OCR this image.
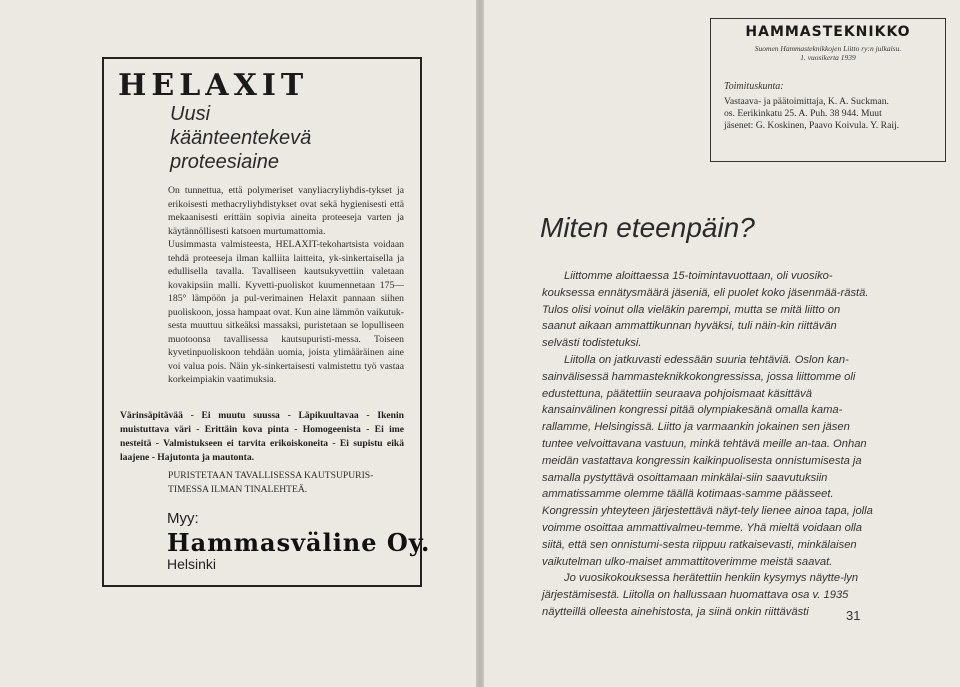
HELAXIT
Uusi
kääntеentekevä
proteesiaine

On tunnettua, että polymeriset vanyliacryliyhdis-tykset ja erikoisesti methacryliyhdistykset ovat sekä hygienisesti että mekaanisesti erittäin sopivia aineita proteeseja varten ja käytännöllisesti katsoen murtumattomia.

Uusimmasta valmisteesta, HELAXIT-tekohartsista voidaan tehdä proteeseja ilman kalliita laitteita, yk-sinkertaisella ja edullisella tavalla. Tavalliseen kautsukyvettiin valetaan kovakipsiin malli. Kyvetti-puoliskot kuumennetaan 175—185° lämpöön ja pul-verimainen Helaxit pannaan siihen puoliskoon, jossa hampaat ovat. Kun aine lämmön vaikutuk-sesta muuttuu sitkeäksi massaksi, puristetaan se lopulliseen muotoonsa tavallisessa kautsupuristi-messa. Toiseen kyvetinpuoliskoon tehdään uomia, joista ylimääräinen aine voi valua pois. Näin yk-sinkertaisesti valmistettu työ vastaa korkeimpiakin vaatimuksia.

Värinsäpitävää - Ei muutu suussa - Läpikuultavaa - Ikenin muistuttava väri - Erittäin kova pinta - Homogeenista - Ei ime nesteitä - Valmistukseen ei tarvita erikoiskoneita - Ei supistu eikä laajene - Hajutonta ja mautonta.
PURISTETAAN TAVALLISESSA KAUTSUPURIS-TIMESSA ILMAN TINALEHTEÄ.
Myy:
Hammasväline Oy.
Helsinki
HAMMASTEKNIKKO
Suomen Hammasteknikkojen Liitto ry:n julkaisu.
1. vuosikerta 1939
Toimituskunta:
Vastaava- ja päätoimittaja, K. A. Suckman.
os. Eerikinkatu 25. A. Puh. 38 944. Muut
jäsenet: G. Koskinen, Paavo Koivula. Y. Raij.
Miten eteenpäin?

Liittomme aloittaessa 15-toimintavuottaan, oli vuosiko-kouksessa ennätysmäärä jäseniä, eli puolet koko jäsenmää-rästä. Tulos olisi voinut olla vieläkin parempi, mutta se mitä liitto on saanut aikaan ammattikunnan hyväksi, tuli näin-kin riittävän selvästi todistetuksi.

Liitolla on jatkuvasti edessään suuria tehtäviä. Oslon kan-sainvälisessä hammasteknikkokongressissa, jossa liittomme oli edustettuna, päätettiin seuraava pohjoismaat käsittävä kansainvälinen kongressi pitää olympiakesänä omalla kama-rallamme, Helsingissä. Liitto ja varmaankin jokainen sen jäsen tuntee velvoittavana vastuun, minkä tehtävä meille an-taa. Onhan meidän vastattava kongressin kaikinpuolisesta onnistumisesta ja samalla pystyttävä osoittamaan minkälai-siin saavutuksiin ammatissamme olemme täällä kotimaas-samme päässeet. Kongressin yhteyteen järjestettävä näyt-tely lienee ainoa tapa, jolla voimme osoittaa ammattivalmeu-temme. Yhä mieltä voidaan olla siitä, että sen onnistumi-sesta riippuu ratkaisevasti, minkälaisen vaikutelman ulko-maiset ammattitoverimme meistä saavat.

Jo vuosikokouksessa herätettiin henkiin kysymys näytte-lyn järjestämisestä. Liitolla on hallussaan huomattava osa v. 1935 näytteillä olleesta ainehistosta, ja siinä onkin riittävästi	31
